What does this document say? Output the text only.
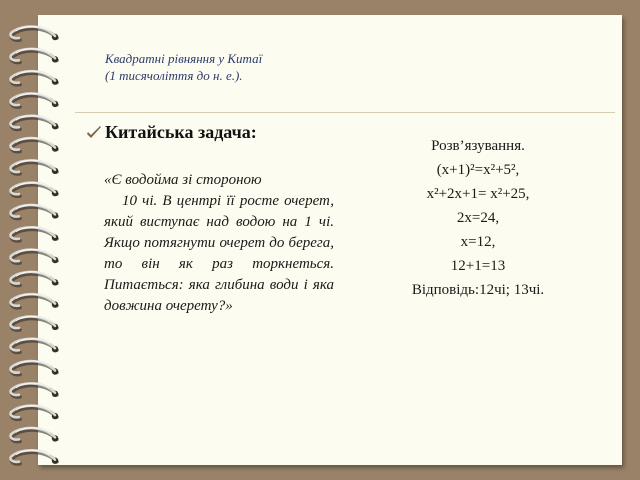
Квадратні рівняння у Китаї
(1 тисячоліття до н. е.).
Китайська задача:
«Є водойма зі стороною
10 чі. В центрі її росте очерет, який виступає над водою на 1 чі. Якщо потягнути очерет до берега, то він як раз торкнеться. Питається: яка глибина води і яка довжина очерету?»
Розв’язування.
(х+1)²=х²+5²,
х²+2х+1= х²+25,
2х=24,
х=12,
12+1=13
Відповідь:12чі; 13чі.
